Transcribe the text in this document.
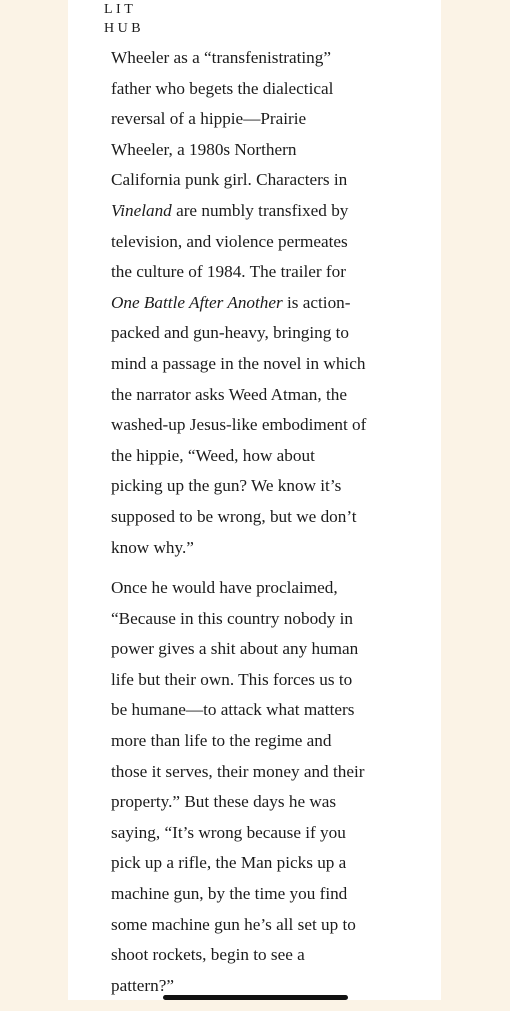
LIT
HUB

Wheeler as a “transfenistrating”
father who begets the dialectical
reversal of a hippie—Prairie
Wheeler, a 1980s Northern
California punk girl. Characters in
Vineland are numbly transfixed by
television, and violence permeates
the culture of 1984. The trailer for
One Battle After Another is action-
packed and gun-heavy, bringing to
mind a passage in the novel in which
the narrator asks Weed Atman, the
washed-up Jesus-like embodiment of
the hippie, “Weed, how about
picking up the gun? We know it’s
supposed to be wrong, but we don’t
know why.”

Once he would have proclaimed,
“Because in this country nobody in
power gives a shit about any human
life but their own. This forces us to
be humane—to attack what matters
more than life to the regime and
those it serves, their money and their
property.” But these days he was
saying, “It’s wrong because if you
pick up a rifle, the Man picks up a
machine gun, by the time you find
some machine gun he’s all set up to
shoot rockets, begin to see a
pattern?”
